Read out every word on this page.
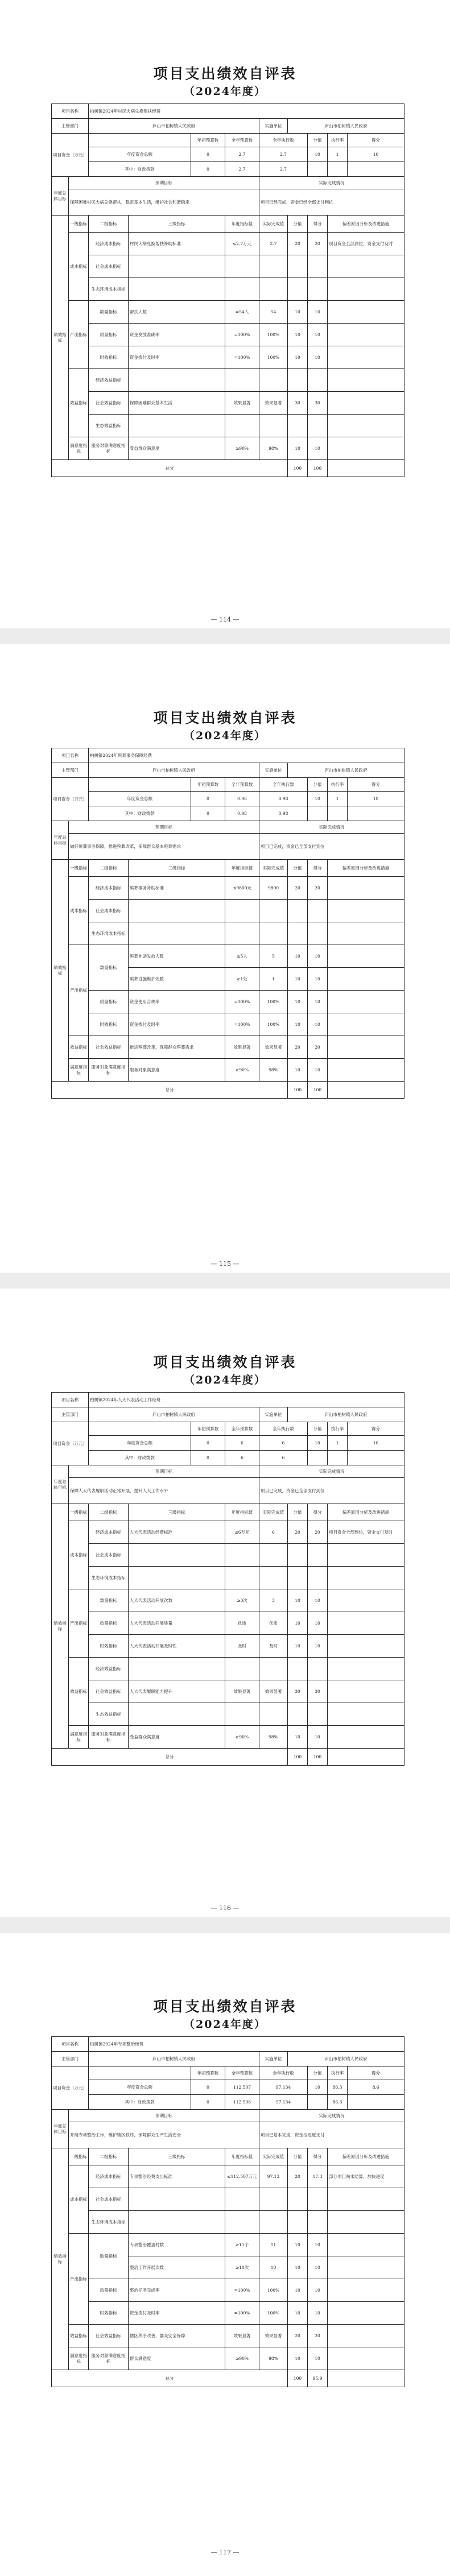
项目支出绩效自评表
（2024年度）
项目名称		柏树镇2024年村民大病兑换帮扶经费								
主管部门		庐山市柏树镇人民政府				实施单位	庐山市柏树镇人民政府			
项目资金（万元）				年初预算数	全年预算数	全年执行数		分值	执行率	得分
		年度资金总额		0	2.7	2.7		10	1	10
		其中：财政拨款		0	2.7	2.7				
年度总体目标	预期目标					实际完成情况				
	保障困难村民大病兑换帮扶，稳定基本生活，维护社会和谐稳定					项目已经完成，资金已经全部支付到位				
绩效指标	一级指标	二级指标	三级指标		年度指标值	实际完成值	分值	得分	偏差原因分析及改进措施	
	成本指标	经济成本指标	村民大病兑换帮扶补助标准		≤2.7万元	2.7	20	20	项目资金全部到位，资金支付及时	
		社会成本指标								
		生态环境成本指标								
	产出指标	数量指标	帮扶人数		=54人	54	10	10		
		质量指标	资金发放准确率		=100%	100%	10	10		
		时效指标	资金拨付及时率		=100%	100%	10	10		
	效益指标	经济效益指标								
		社会效益指标	保障困难群众基本生活		效果显著	效果显著	30	30		
		生态效益指标								
	满意度指标	服务对象满意度指标	受益群众满意度		≥90%	98%	10	10		
总分							100	100		
— 114 —
项目支出绩效自评表
（2024年度）
项目名称		柏树镇2024年殡葬事务保障经费								
主管部门		庐山市柏树镇人民政府				实施单位	庐山市柏树镇人民政府			
项目资金（万元）				年初预算数	全年预算数	全年执行数		分值	执行率	得分
		年度资金总额		0	0.98	0.98		10	1	10
		其中：财政拨款		0	0.98	0.98				
年度总体目标	预期目标					实际完成情况				
	做好殡葬事务保障，推进殡葬改革，保障群众基本殡葬需求					项目已完成，资金已全部支付到位				
绩效指标	一级指标	二级指标	三级指标		年度指标值	实际完成值	分值	得分	偏差原因分析及改进措施	
	成本指标	经济成本指标	殡葬事务补助标准		≤9800元	9800	20	20		
		社会成本指标								
		生态环境成本指标								
	产出指标	数量指标	殡葬补助发放人数		≥5人	5	10	10		
			殡葬设施维护处数		≥1处	1	10	10		
		质量指标	资金使用合规率		=100%	100%	10	10		
		时效指标	资金拨付及时率		=100%	100%	10	10		
	效益指标	社会效益指标	推进殡葬改革，保障群众殡葬需求		效果显著	效果显著	20	20		
	满意度指标	服务对象满意度指标	服务对象满意度		≥90%	98%	10	10		
总分							100	100		
— 115 —
项目支出绩效自评表
（2024年度）
项目名称		柏树镇2024年人大代表活动工作经费								
主管部门		庐山市柏树镇人民政府				实施单位	庐山市柏树镇人民政府			
项目资金（万元）				年初预算数	全年预算数	全年执行数		分值	执行率	得分
		年度资金总额		0	6	6		10	1	10
		其中：财政拨款		0	6	6				
年度总体目标	预期目标					实际完成情况				
	保障人大代表履职活动正常开展，提升人大工作水平					项目已完成，资金已全部支付到位				
绩效指标	一级指标	二级指标	三级指标		年度指标值	实际完成值	分值	得分	偏差原因分析及改进措施	
	成本指标	经济成本指标	人大代表活动经费标准		≤6万元	6	20	20	项目资金全部到位，资金支付及时	
		社会成本指标								
		生态环境成本指标								
	产出指标	数量指标	人大代表活动开展次数		≥3次	3	10	10		
		质量指标	人大代表活动开展质量		优质	优质	10	10		
		时效指标	人大代表活动开展及时性		及时	及时	10	10		
	效益指标	经济效益指标								
		社会效益指标	人大代表履职能力提升		效果显著	效果显著	30	30		
		生态效益指标								
	满意度指标	服务对象满意度指标	受益群众满意度		≥90%	98%	10	10		
总分							100	100		
— 116 —
项目支出绩效自评表
（2024年度）
项目名称		柏树镇2024年专项整治经费								
主管部门		庐山市柏树镇人民政府				实施单位	庐山市柏树镇人民政府			
项目资金（万元）				年初预算数	全年预算数	全年执行数		分值	执行率	得分
		年度资金总额		0	112.507	97.134		10	86.3	8.6
		其中：财政拨款		0	112.506	97.134			86.3	
年度总体目标	预期目标					实际完成情况				
	开展专项整治工作，维护辖区秩序，保障群众生产生活安全					项目已基本完成，资金按进度支付				
绩效指标	一级指标	二级指标	三级指标		年度指标值	实际完成值	分值	得分	偏差原因分析及改进措施	
	成本指标	经济成本指标	专项整治经费支出标准		≤112.507万元	97.13	20	17.3	部分项目尚未结算，加快进度	
		社会成本指标								
		生态环境成本指标								
	产出指标	数量指标	专项整治覆盖村数		≥11个	11	10	10		
			整治工作开展次数		≥10次	10	10	10		
		质量指标	整治任务完成率		=100%	100%	10	10		
		时效指标	资金拨付及时率		=100%	100%	10	10		
	效益指标	社会效益指标	辖区秩序改善，群众安全保障		效果显著	效果显著	20	20		
	满意度指标	服务对象满意度指标	群众满意度		≥90%	98%	10	10		
总分							100	95.9		
— 117 —
